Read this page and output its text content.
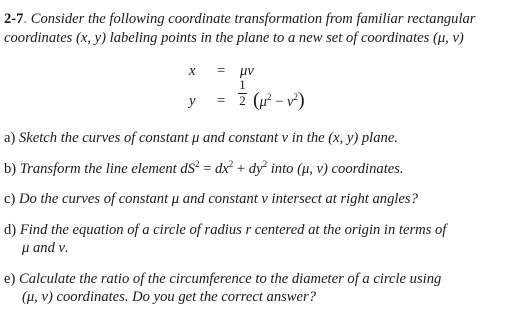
2-7. Consider the following coordinate transformation from familiar rectangular
coordinates (x, y) labeling points in the plane to a new set of coordinates (μ, ν)
x = μν
y =
1
2 $(\mu^2 - \nu^2)$
a) Sketch the curves of constant μ and constant ν in the (x, y) plane.
b) Transform the line element $dS^2 = dx^2 + dy^2$ into (μ, ν) coordinates.
c) Do the curves of constant μ and constant ν intersect at right angles?
d) Find the equation of a circle of radius r centered at the origin in terms of
μ and ν.
e) Calculate the ratio of the circumference to the diameter of a circle using
(μ, ν) coordinates. Do you get the correct answer?
